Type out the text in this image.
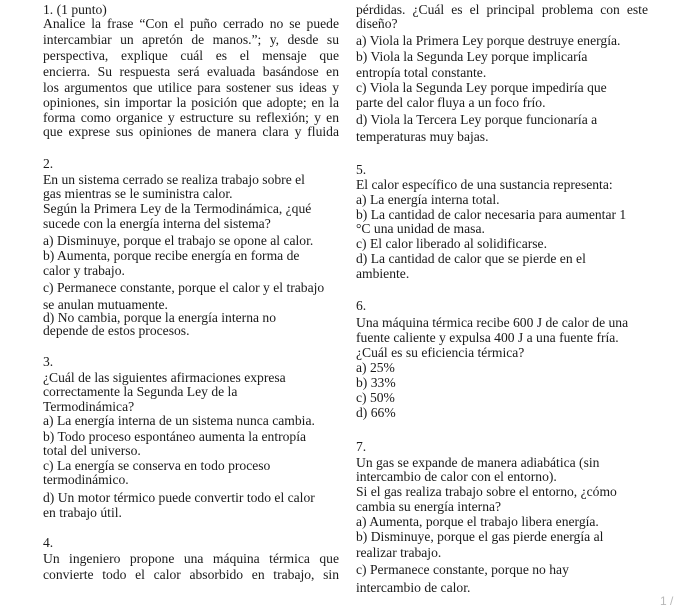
1. (1 punto)
Analice la frase “Con el puño cerrado no se puede
intercambiar un apretón de manos.”; y, desde su
perspectiva, explique cuál es el mensaje que
encierra. Su respuesta será evaluada basándose en
los argumentos que utilice para sostener sus ideas y
opiniones, sin importar la posición que adopte; en la
forma como organice y estructure su reflexión; y en
que exprese sus opiniones de manera clara y fluida
2.
En un sistema cerrado se realiza trabajo sobre el
gas mientras se le suministra calor.
Según la Primera Ley de la Termodinámica, ¿qué
sucede con la energía interna del sistema?
a) Disminuye, porque el trabajo se opone al calor.
b) Aumenta, porque recibe energía en forma de
calor y trabajo.
c) Permanece constante, porque el calor y el trabajo
se anulan mutuamente.
d) No cambia, porque la energía interna no
depende de estos procesos.
3.
¿Cuál de las siguientes afirmaciones expresa
correctamente la Segunda Ley de la
Termodinámica?
a) La energía interna de un sistema nunca cambia.
b) Todo proceso espontáneo aumenta la entropía
total del universo.
c) La energía se conserva en todo proceso
termodinámico.
d) Un motor térmico puede convertir todo el calor
en trabajo útil.
4.
Un ingeniero propone una máquina térmica que
convierte todo el calor absorbido en trabajo, sin
pérdidas. ¿Cuál es el principal problema con este
diseño?
a) Viola la Primera Ley porque destruye energía.
b) Viola la Segunda Ley porque implicaría
entropía total constante.
c) Viola la Segunda Ley porque impediría que
parte del calor fluya a un foco frío.
d) Viola la Tercera Ley porque funcionaría a
temperaturas muy bajas.
5.
El calor específico de una sustancia representa:
a) La energía interna total.
b) La cantidad de calor necesaria para aumentar 1
°C una unidad de masa.
c) El calor liberado al solidificarse.
d) La cantidad de calor que se pierde en el
ambiente.
6.
Una máquina térmica recibe 600 J de calor de una
fuente caliente y expulsa 400 J a una fuente fría.
¿Cuál es su eficiencia térmica?
a) 25%
b) 33%
c) 50%
d) 66%
7.
Un gas se expande de manera adiabática (sin
intercambio de calor con el entorno).
Si el gas realiza trabajo sobre el entorno, ¿cómo
cambia su energía interna?
a) Aumenta, porque el trabajo libera energía.
b) Disminuye, porque el gas pierde energía al
realizar trabajo.
c) Permanece constante, porque no hay
intercambio de calor.
1 /
